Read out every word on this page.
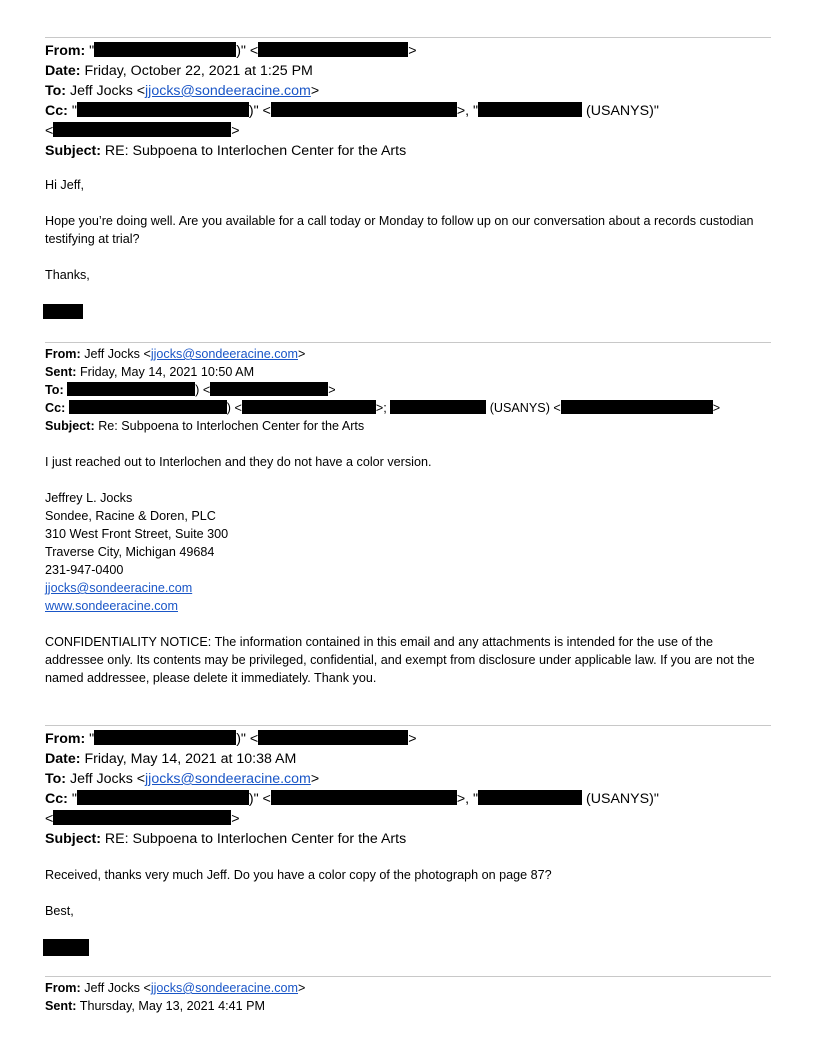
From: "	)" <	>
Date: Friday, October 22, 2021 at 1:25 PM
To: Jeff Jocks <jjocks@sondeeracine.com>
Cc: "	)" <	>, "	(USANYS)"
<	>
Subject: RE: Subpoena to Interlochen Center for the Arts
Hi Jeff,
Hope you’re doing well. Are you available for a call today or Monday to follow up on our conversation about a records custodian testifying at trial?
Thanks,
From: Jeff Jocks <jjocks@sondeeracine.com>
Sent: Friday, May 14, 2021 10:50 AM
To:	) <	>
Cc:	) <	>;	(USANYS) <	>
Subject: Re: Subpoena to Interlochen Center for the Arts
I just reached out to Interlochen and they do not have a color version.
Jeffrey L. Jocks
Sondee, Racine & Doren, PLC
310 West Front Street, Suite 300
Traverse City, Michigan 49684
231-947-0400
jjocks@sondeeracine.com
www.sondeeracine.com
CONFIDENTIALITY NOTICE: The information contained in this email and any attachments is intended for the use of the addressee only. Its contents may be privileged, confidential, and exempt from disclosure under applicable law. If you are not the named addressee, please delete it immediately. Thank you.
From: "	)" <	>
Date: Friday, May 14, 2021 at 10:38 AM
To: Jeff Jocks <jjocks@sondeeracine.com>
Cc: "	)" <	>, "	(USANYS)"
<	>
Subject: RE: Subpoena to Interlochen Center for the Arts
Received, thanks very much Jeff. Do you have a color copy of the photograph on page 87?
Best,
From: Jeff Jocks <jjocks@sondeeracine.com>
Sent: Thursday, May 13, 2021 4:41 PM
